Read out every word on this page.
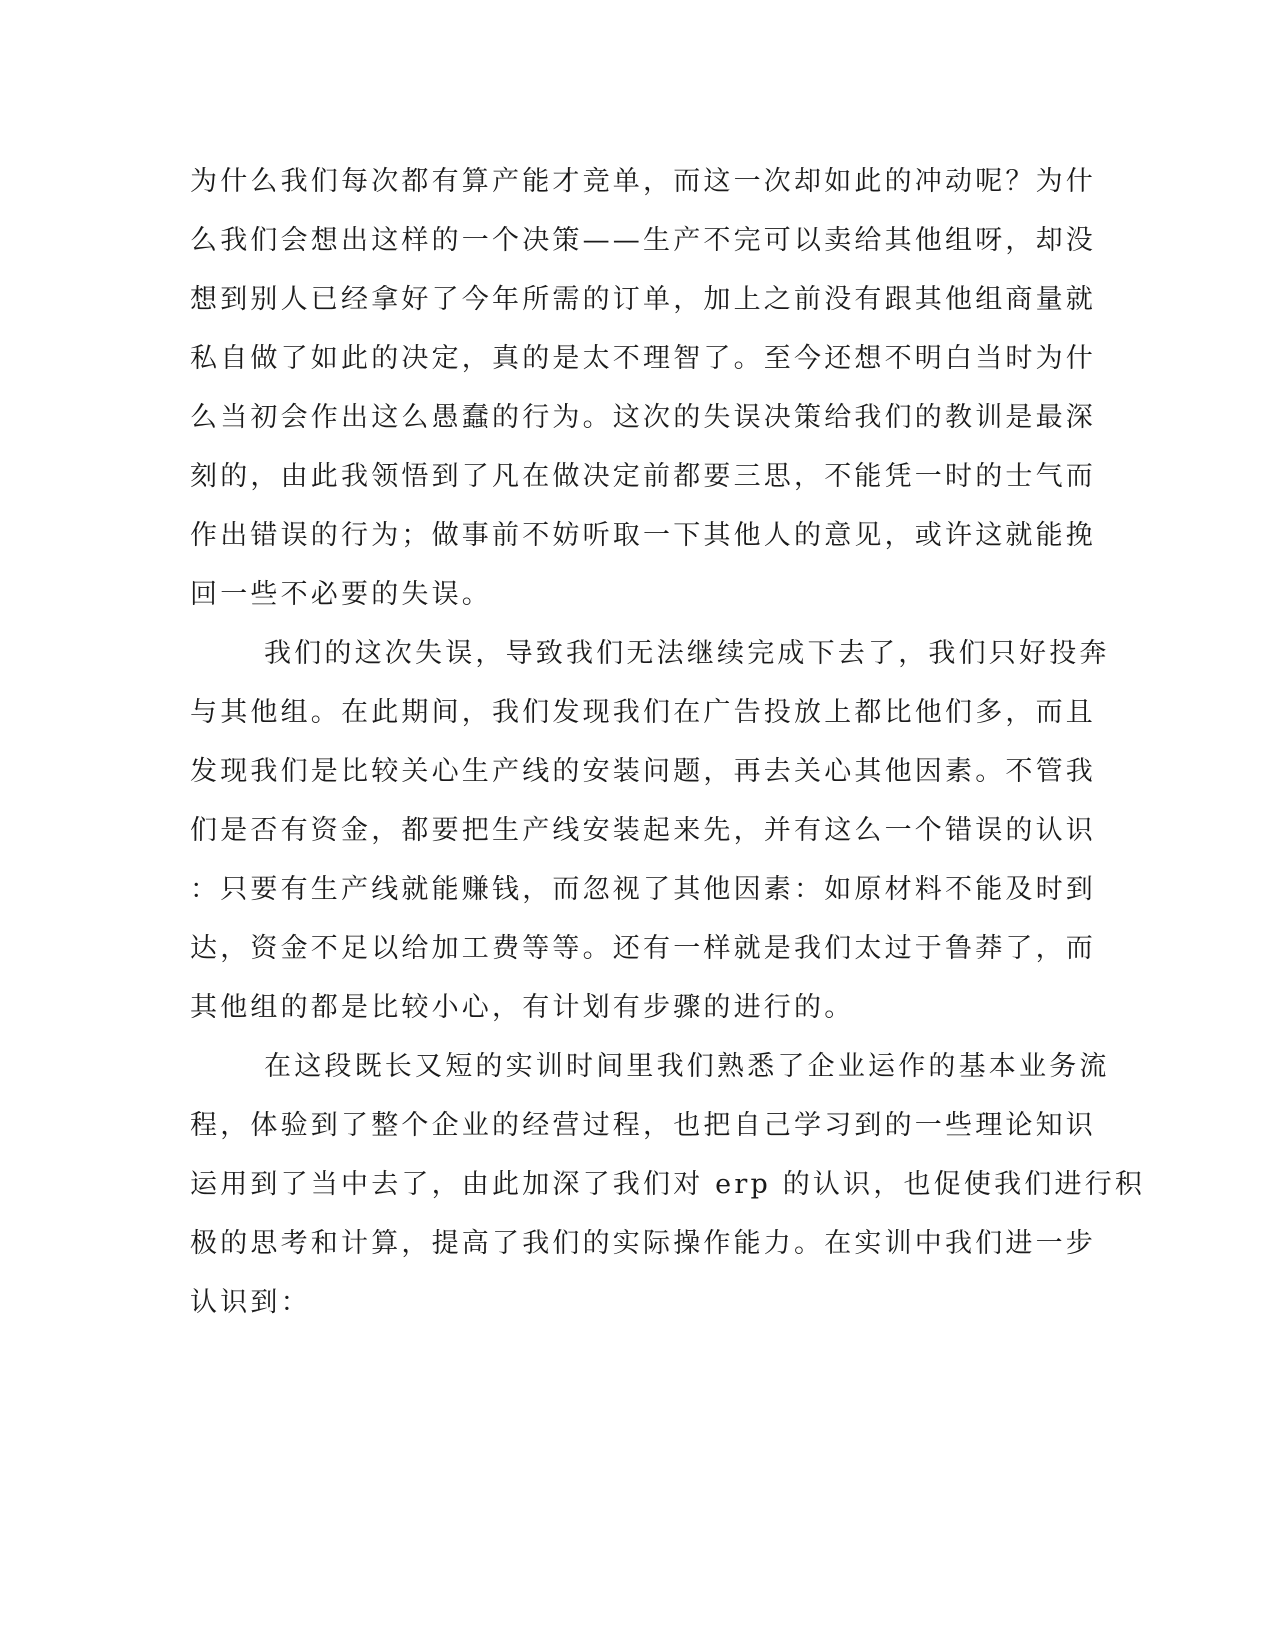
为什么我们每次都有算产能才竞单，而这一次却如此的冲动呢？为什
么我们会想出这样的一个决策——生产不完可以卖给其他组呀，却没
想到别人已经拿好了今年所需的订单，加上之前没有跟其他组商量就
私自做了如此的决定，真的是太不理智了。至今还想不明白当时为什
么当初会作出这么愚蠢的行为。这次的失误决策给我们的教训是最深
刻的，由此我领悟到了凡在做决定前都要三思，不能凭一时的士气而
作出错误的行为；做事前不妨听取一下其他人的意见，或许这就能挽
回一些不必要的失误。
我们的这次失误，导致我们无法继续完成下去了，我们只好投奔
与其他组。在此期间，我们发现我们在广告投放上都比他们多，而且
发现我们是比较关心生产线的安装问题，再去关心其他因素。不管我
们是否有资金，都要把生产线安装起来先，并有这么一个错误的认识
：只要有生产线就能赚钱，而忽视了其他因素：如原材料不能及时到
达，资金不足以给加工费等等。还有一样就是我们太过于鲁莽了，而
其他组的都是比较小心，有计划有步骤的进行的。
在这段既长又短的实训时间里我们熟悉了企业运作的基本业务流
程，体验到了整个企业的经营过程，也把自己学习到的一些理论知识
运用到了当中去了，由此加深了我们对 erp 的认识，也促使我们进行积
极的思考和计算，提高了我们的实际操作能力。在实训中我们进一步
认识到：
